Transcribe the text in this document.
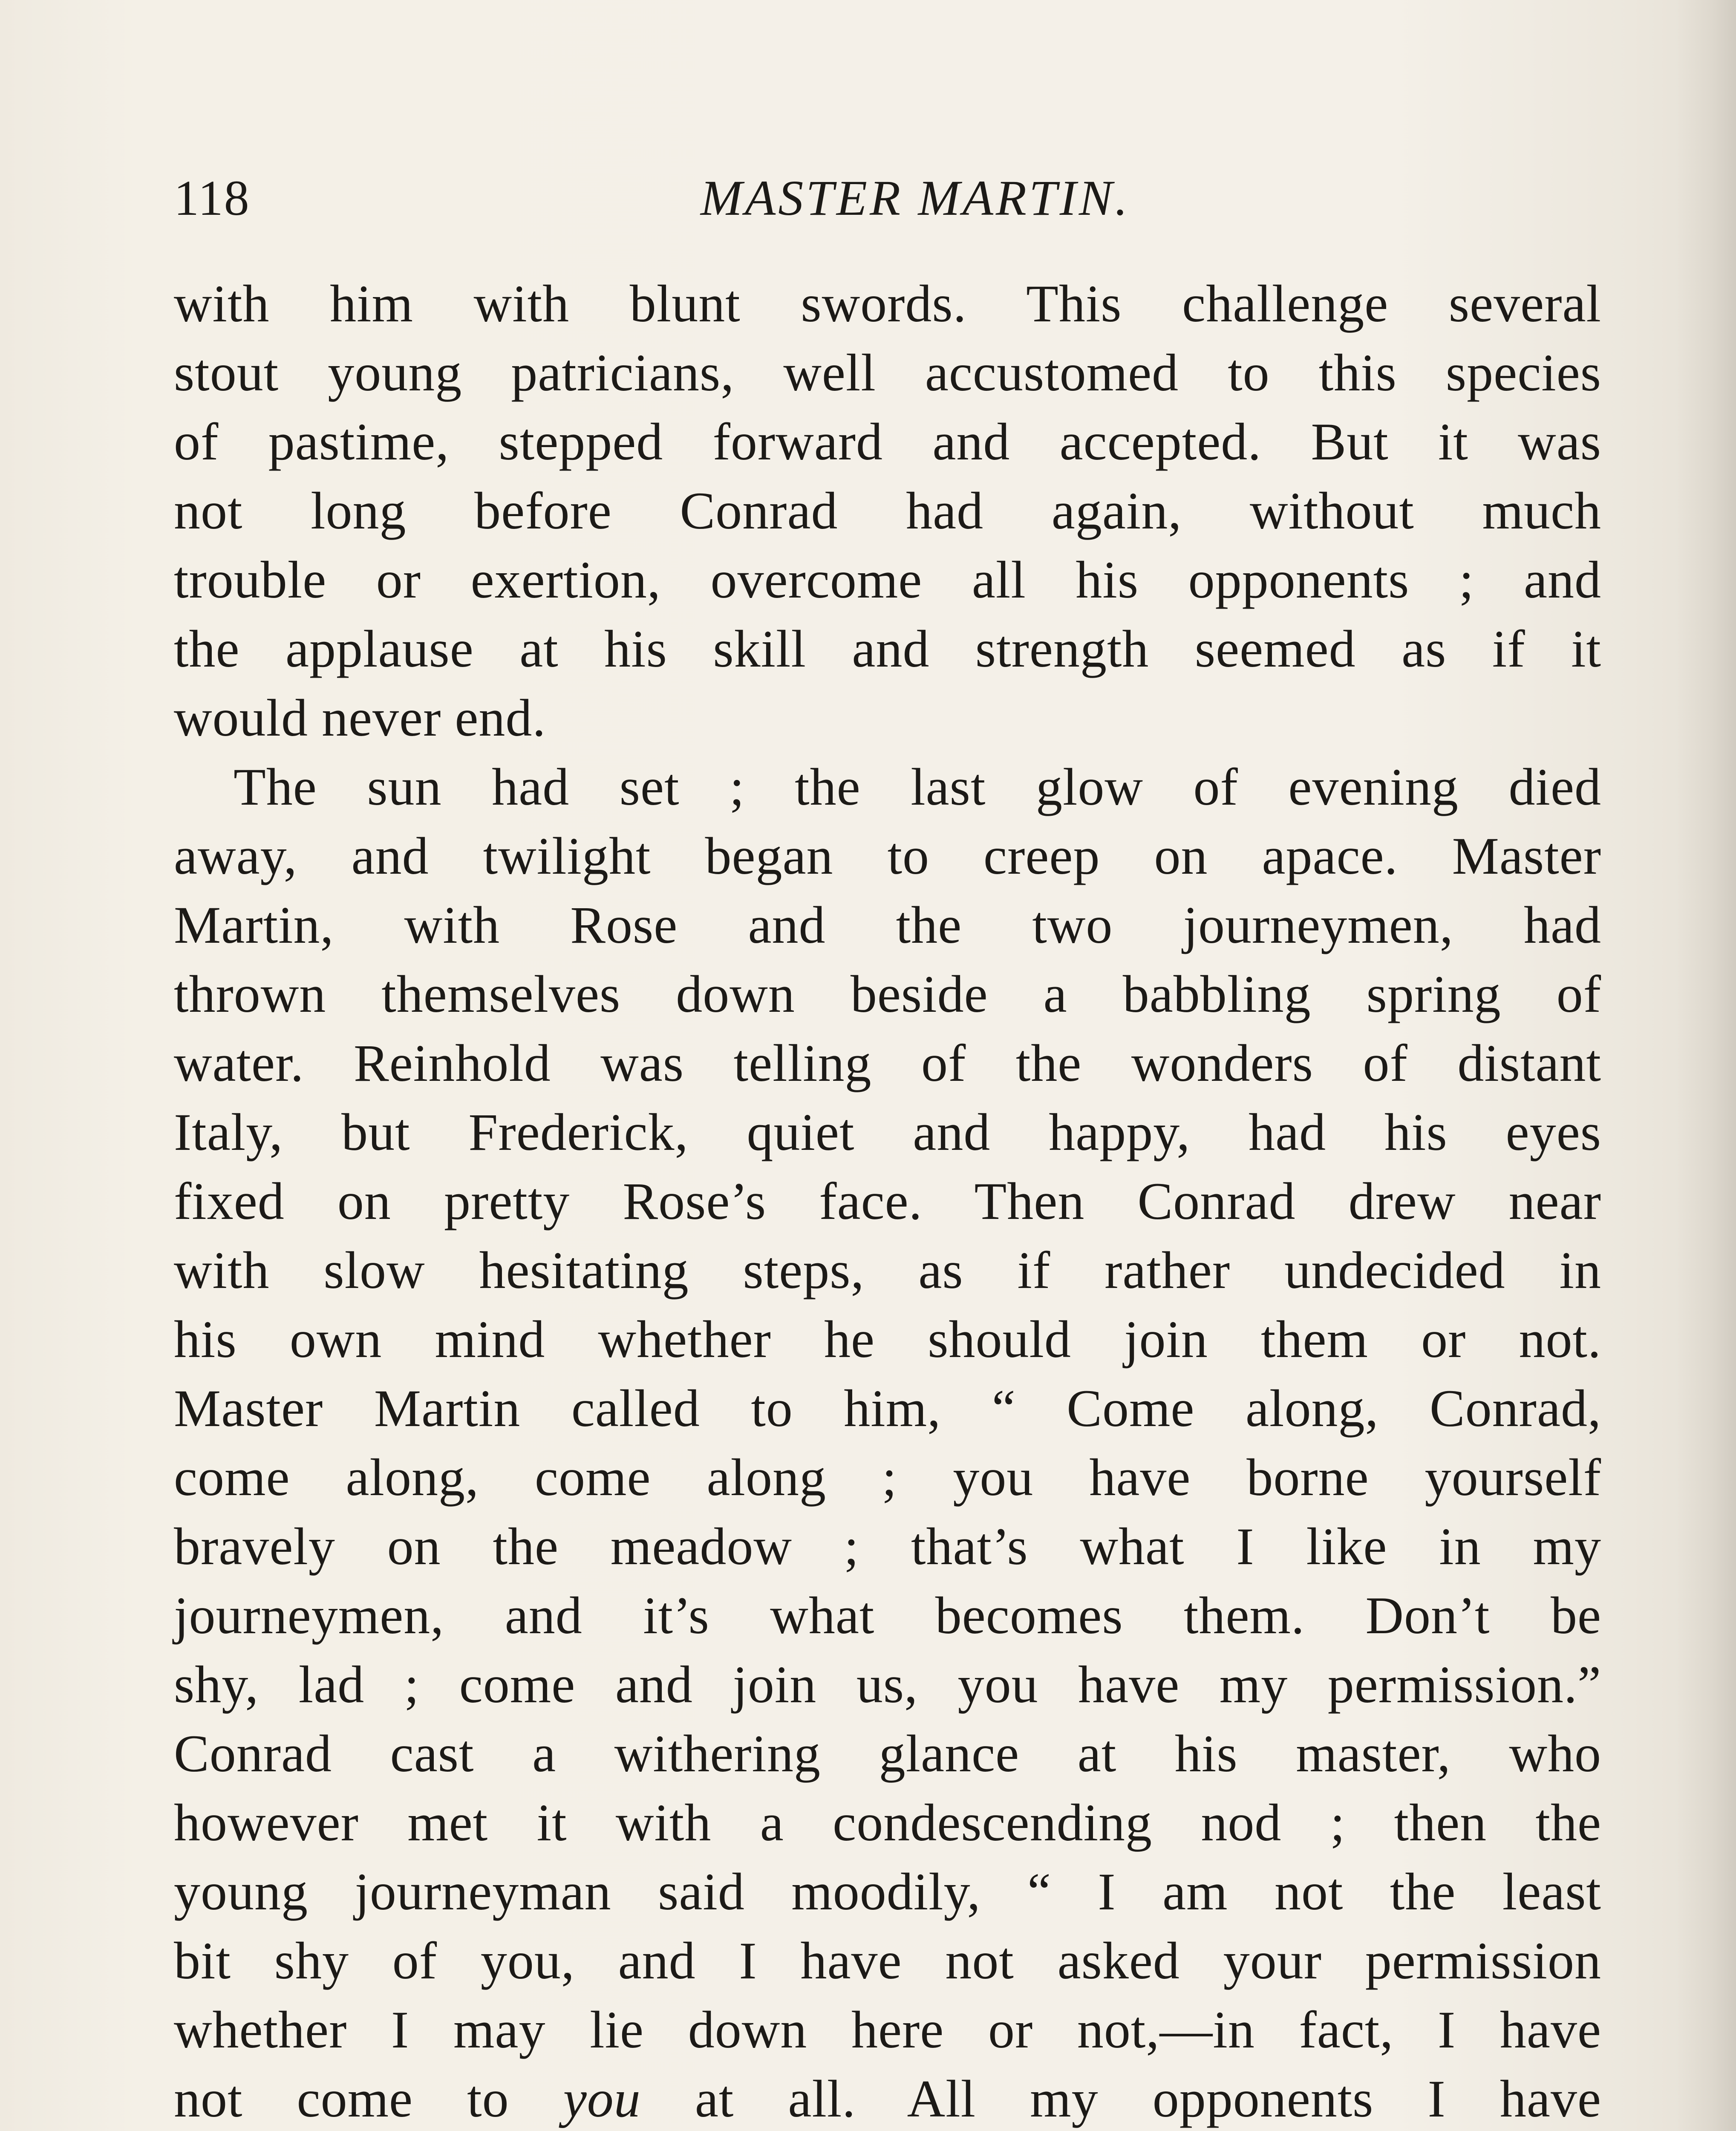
118	MASTER MARTIN.
with him with blunt swords. This challenge several
stout young patricians, well accustomed to this species
of pastime, stepped forward and accepted. But it was
not long before Conrad had again, without much
trouble or exertion, overcome all his opponents ; and
the applause at his skill and strength seemed as if it
would never end.
The sun had set ; the last glow of evening died
away, and twilight began to creep on apace. Master
Martin, with Rose and the two journeymen, had
thrown themselves down beside a babbling spring of
water. Reinhold was telling of the wonders of distant
Italy, but Frederick, quiet and happy, had his eyes
fixed on pretty Rose’s face. Then Conrad drew near
with slow hesitating steps, as if rather undecided in
his own mind whether he should join them or not.
Master Martin called to him, “ Come along, Conrad,
come along, come along ; you have borne yourself
bravely on the meadow ; that’s what I like in my
journeymen, and it’s what becomes them. Don’t be
shy, lad ; come and join us, you have my permission.”
Conrad cast a withering glance at his master, who
however met it with a condescending nod ; then the
young journeyman said moodily, “ I am not the least
bit shy of you, and I have not asked your permission
whether I may lie down here or not,—in fact, I have
not come to you at all. All my opponents I have
